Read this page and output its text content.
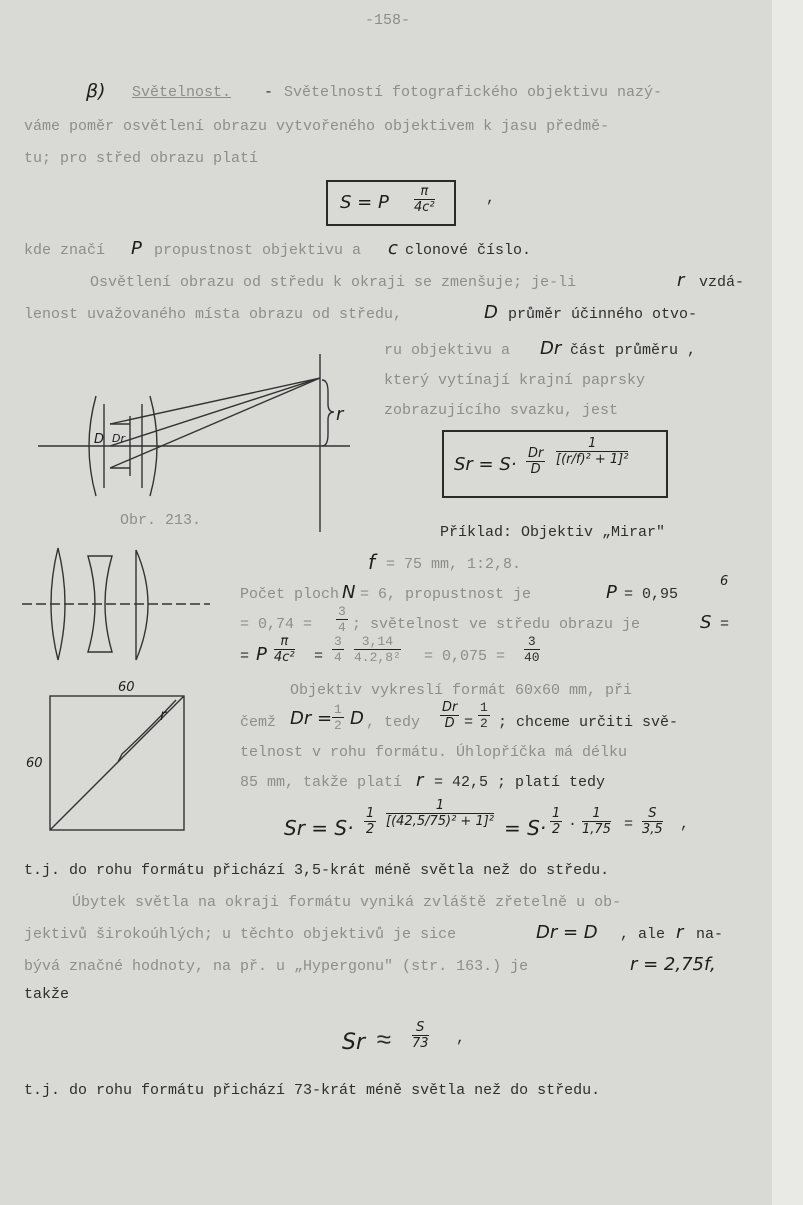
-158-
β) Světelnost. - Světelností fotografického objektivu nazý-
váme poměr osvětlení obrazu vytvořeného objektivem k jasu předmě-
tu; pro střed obrazu platí
S = P $\frac{\pi}{\text{4c²}}$	,
kde značí P propustnost objektivu a c clonové číslo.
Osvětlení obrazu od středu k okraji se zmenšuje; je-li	r vzdá-
lenost uvažovaného místa obrazu od středu,	D průměr účinného otvo-
ru objektivu a Dr část průměru ,
který vytínají krajní paprsky
zobrazujícího svazku, jest
$Sr = S\cdot \frac{Dr}{D} \frac{1}{\text{[(r/f)² + 1]²}}$
Obr. 213.
Příklad: Objektiv „Mirar"
f = 75 mm, 1:2,8.
Počet ploch N = 6, propustnost je	P = 0,95
6
= $0,74 = \frac{3}{4}$ ; světelnost ve středu obrazu je	S =
= P $\frac{\pi}{\text{4c²}} = \frac{3}{4} \frac{3,14}{\text{4.2,8²}} = 0,075 = \frac{3}{40}$
Objektiv vykreslí formát 60x60 mm, při
čemž $Dr = \frac{1}{2}$ D , tedy $\frac{Dr}{D} = \frac{1}{2}$ ; chceme určiti svě-
telnost v rohu formátu. Úhlopříčka má délku
85 mm, takže platí r = 42,5 ; platí tedy
$Sr = S\cdot \frac{1}{2} \frac{1}{\text{[(42,5/75)² + 1]²}} = S\cdot \frac{1}{2} \cdot \frac{1}{1,75} = \frac{S}{3,5}$ ,
t.j. do rohu formátu přichází 3,5-krát méně světla než do středu.
Úbytek světla na okraji formátu vyniká zvláště zřetelně u ob-
jektivů širokoúhlých; u těchto objektivů je sice	Dr = D , ale r na-
bývá značné hodnoty, na př. u „Hypergonu" (str. 163.) je	r = 2,75f,
takže
$Sr \approx \frac{S}{73}$ ,
t.j. do rohu formátu přichází 73-krát méně světla než do středu.
D Dr
r
60
60
r
